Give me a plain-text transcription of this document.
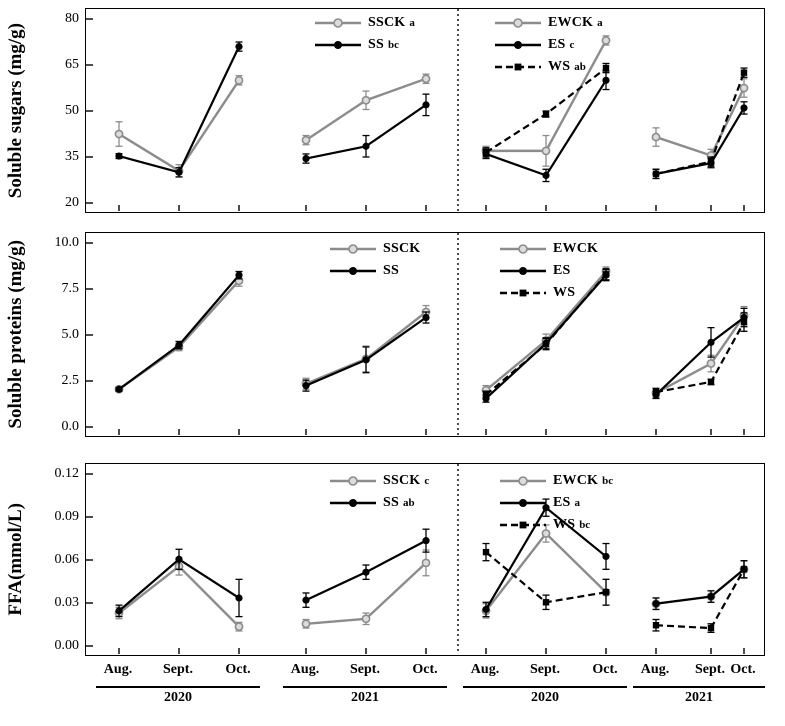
Soluble sugars (mg/g)
Soluble proteins (mg/g)
FFA(mmol/L)
20
35
50
65
80
0.0
2.5
5.0
7.5
10.0
0.00
0.03
0.06
0.09
0.12
SSCK a
SS bc
EWCK a
ES c
WS ab
SSCK
SS
EWCK
ES
WS
SSCK c
SS ab
EWCK bc
ES a
WS bc
Aug.	Sept.	Oct.
2020
Aug.	Sept.	Oct.
2021
Aug.	Sept.	Oct.
2020
Aug.	Sept. Oct.
2021
